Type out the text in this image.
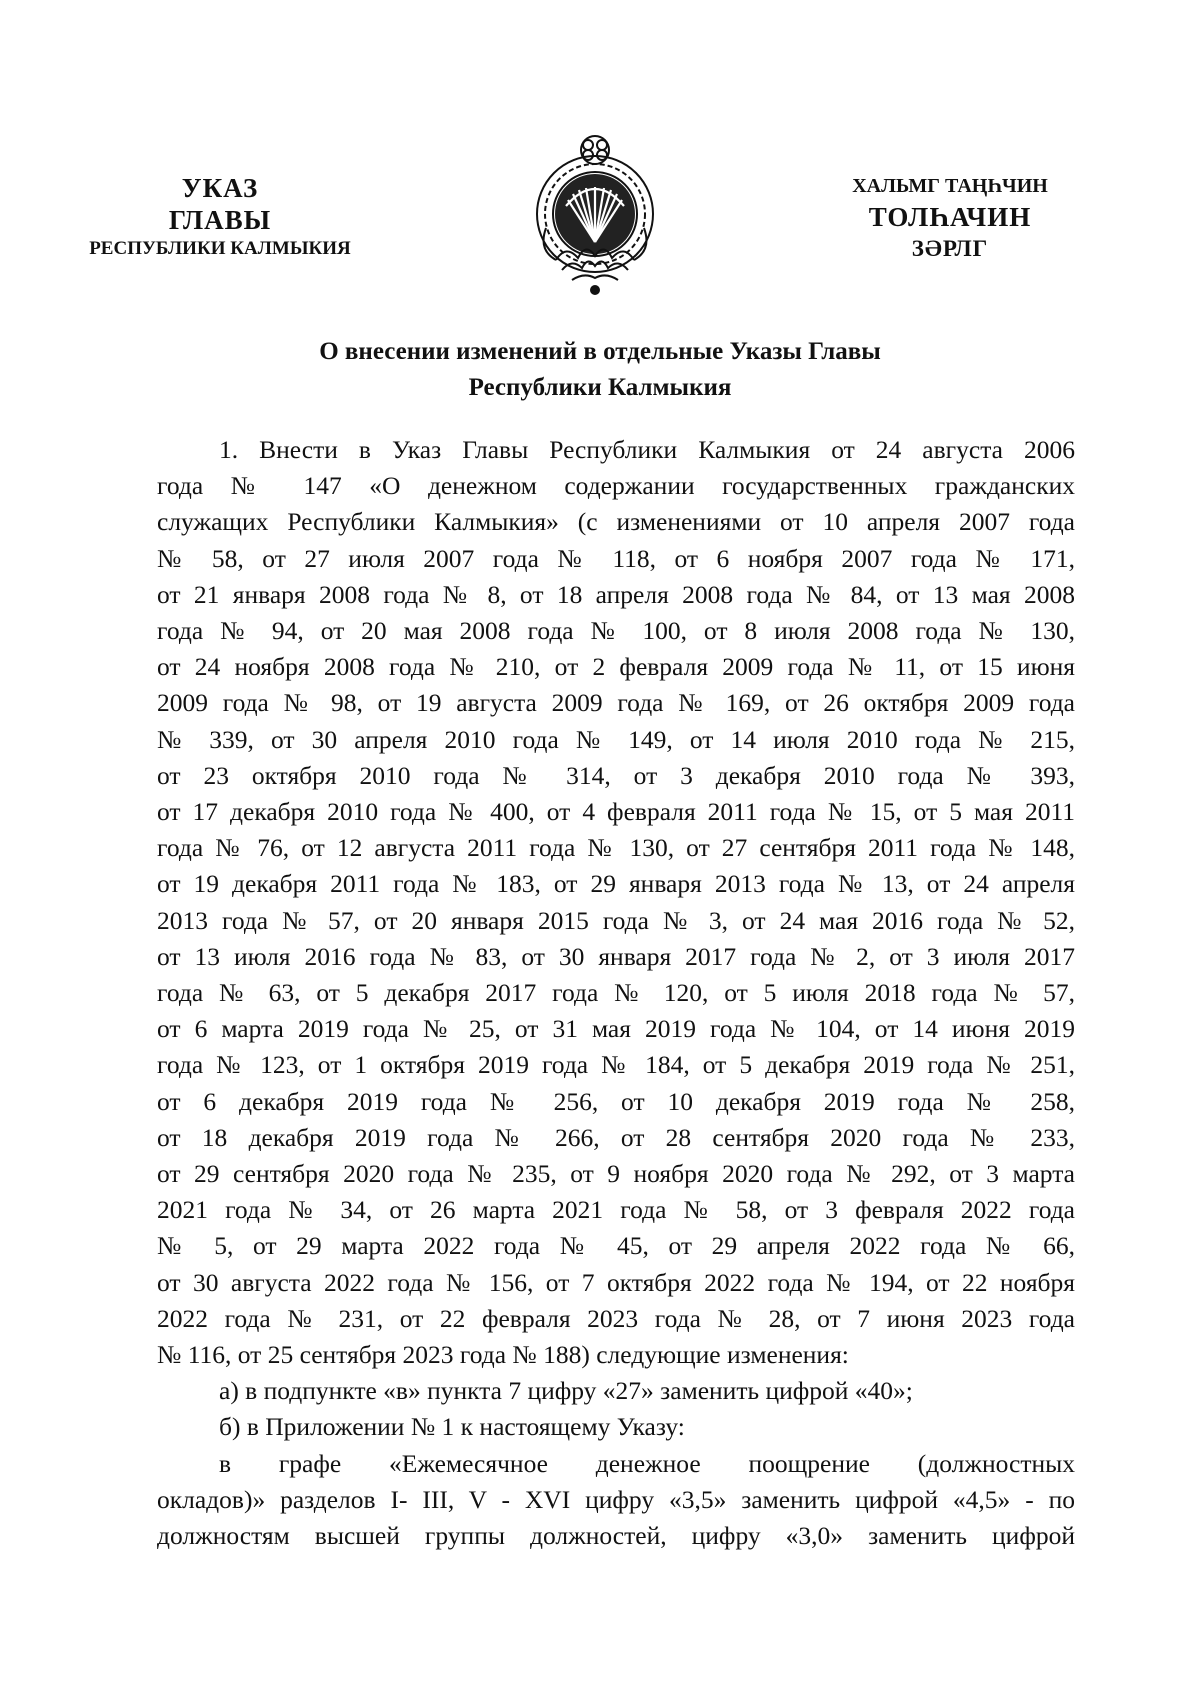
УКАЗ
ГЛАВЫ
РЕСПУБЛИКИ КАЛМЫКИЯ
ХАЛЬМГ ТАҢҺЧИН
ТОЛҺАЧИН
ЗӘРЛГ
О внесении изменений в отдельные Указы Главы
Республики Калмыкия
1. Внести в Указ Главы Республики Калмыкия от 24 августа 2006
года № 147 «О денежном содержании государственных гражданских
служащих Республики Калмыкия» (с изменениями от 10 апреля 2007 года
№ 58, от 27 июля 2007 года № 118, от 6 ноября 2007 года № 171,
от 21 января 2008 года № 8, от 18 апреля 2008 года № 84, от 13 мая 2008
года № 94, от 20 мая 2008 года № 100, от 8 июля 2008 года № 130,
от 24 ноября 2008 года № 210, от 2 февраля 2009 года № 11, от 15 июня
2009 года № 98, от 19 августа 2009 года № 169, от 26 октября 2009 года
№ 339, от 30 апреля 2010 года № 149, от 14 июля 2010 года № 215,
от 23 октября 2010 года № 314, от 3 декабря 2010 года № 393,
от 17 декабря 2010 года № 400, от 4 февраля 2011 года № 15, от 5 мая 2011
года № 76, от 12 августа 2011 года № 130, от 27 сентября 2011 года № 148,
от 19 декабря 2011 года № 183, от 29 января 2013 года № 13, от 24 апреля
2013 года № 57, от 20 января 2015 года № 3, от 24 мая 2016 года № 52,
от 13 июля 2016 года № 83, от 30 января 2017 года № 2, от 3 июля 2017
года № 63, от 5 декабря 2017 года № 120, от 5 июля 2018 года № 57,
от 6 марта 2019 года № 25, от 31 мая 2019 года № 104, от 14 июня 2019
года № 123, от 1 октября 2019 года № 184, от 5 декабря 2019 года № 251,
от 6 декабря 2019 года № 256, от 10 декабря 2019 года № 258,
от 18 декабря 2019 года № 266, от 28 сентября 2020 года № 233,
от 29 сентября 2020 года № 235, от 9 ноября 2020 года № 292, от 3 марта
2021 года № 34, от 26 марта 2021 года № 58, от 3 февраля 2022 года
№ 5, от 29 марта 2022 года № 45, от 29 апреля 2022 года № 66,
от 30 августа 2022 года № 156, от 7 октября 2022 года № 194, от 22 ноября
2022 года № 231, от 22 февраля 2023 года № 28, от 7 июня 2023 года
№ 116, от 25 сентября 2023 года № 188) следующие изменения:
а) в подпункте «в» пункта 7 цифру «27» заменить цифрой «40»;
б) в Приложении № 1 к настоящему Указу:
в графе «Ежемесячное денежное поощрение (должностных
окладов)» разделов I- III, V - XVI цифру «3,5» заменить цифрой «4,5» - по
должностям высшей группы должностей, цифру «3,0» заменить цифрой
